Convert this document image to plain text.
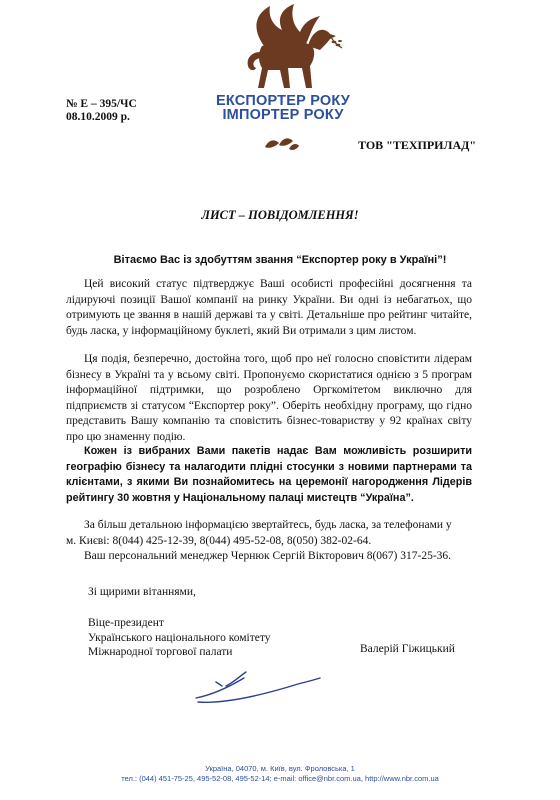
ЕКСПОРТЕР РОКУ
ІМПОРТЕР РОКУ
№ Е – 395/ЧС
08.10.2009 р.
ТОВ "ТЕХПРИЛАД"
ЛИСТ – ПОВІДОМЛЕННЯ!
Вітаємо Вас із здобуттям звання “Експортер року в Україні”!
Цей високий статус підтверджує Ваші особисті професійні досягнення та лідируючі позиції Вашої компанії на ринку України. Ви одні із небагатьох, що отримують це звання в нашій державі та у світі. Детальніше про рейтинг читайте, будь ласка, у інформаційному буклеті, який Ви отримали з цим листом.
Ця подія, безперечно, достойна того, щоб про неї голосно сповістити лідерам бізнесу в Україні та у всьому світі. Пропонуємо скористатися однією з 5 програм інформаційної підтримки, що розроблено Оргкомітетом виключно для підприємств зі статусом “Експортер року”. Оберіть необхідну програму, що гідно представить Вашу компанію та сповістить бізнес-товариству у 92 країнах світу про цю знаменну подію.
Кожен із вибраних Вами пакетів надає Вам можливість розширити географію бізнесу та налагодити плідні стосунки з новими партнерами та клієнтами, з якими Ви познайомитесь на церемонії нагородження Лідерів рейтингу 30 жовтня у Національному палаці мистецтв “Україна”.
За більш детальною інформацією звертайтесь, будь ласка, за телефонами у
м. Києві: 8(044) 425-12-39, 8(044) 495-52-08, 8(050) 382-02-64.
Ваш персональний менеджер Чернюк Сергій Вікторович 8(067) 317-25-36.
Зі щирими вітаннями,
Віце-президент
Українського національного комітету
Міжнародної торгової палати	Валерій Гіжицький
Україна, 04070, м. Київ, вул. Фроловська, 1
тел.: (044) 451-75-25, 495-52-08, 495-52-14; e-mail: office@nbr.com.ua, http://www.nbr.com.ua
